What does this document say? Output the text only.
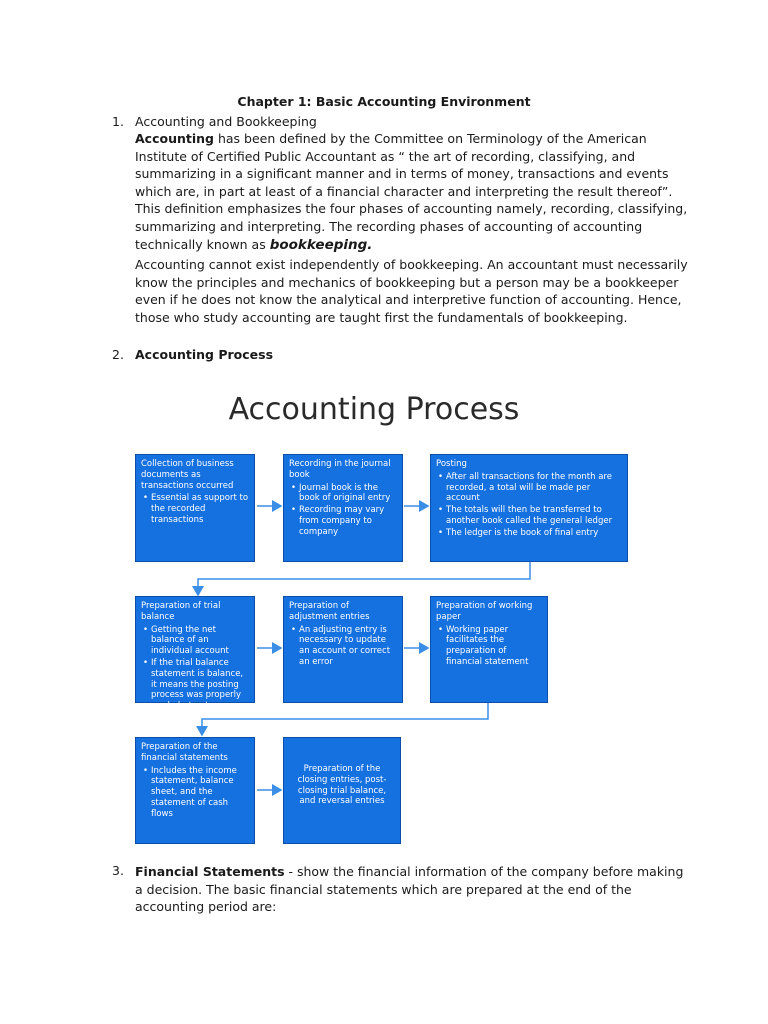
Chapter 1: Basic Accounting Environment
1. Accounting and Bookkeeping
Accounting has been defined by the Committee on Terminology of the American Institute of Certified Public Accountant as “ the art of recording, classifying, and summarizing in a significant manner and in terms of money, transactions and events which are, in part at least of a financial character and interpreting the result thereof”. This definition emphasizes the four phases of accounting namely, recording, classifying, summarizing and interpreting. The recording phases of accounting of accounting technically known as bookkeeping.
Accounting cannot exist independently of bookkeeping. An accountant must necessarily know the principles and mechanics of bookkeeping but a person may be a bookkeeper even if he does not know the analytical and interpretive function of accounting. Hence, those who study accounting are taught first the fundamentals of bookkeeping.
2. Accounting Process
Accounting Process
Collection of business documents as transactions occurred
• Essential as support to the recorded transactions
Recording in the journal book
• Journal book is the book of original entry
• Recording may vary from company to company
Posting
• After all transactions for the month are recorded, a total will be made per account
• The totals will then be transferred to another book called the general ledger
• The ledger is the book of final entry
Preparation of trial balance
• Getting the net balance of an individual account
• If the trial balance statement is balance, it means the posting process was properly made but not necessarily
Preparation of adjustment entries
• An adjusting entry is necessary to update an account or correct an error
Preparation of working paper
• Working paper facilitates the preparation of financial statement
Preparation of the financial statements
• Includes the income statement, balance sheet, and the statement of cash flows
Preparation of the closing entries, post-closing trial balance, and reversal entries
3. Financial Statements - show the financial information of the company before making a decision. The basic financial statements which are prepared at the end of the accounting period are:
